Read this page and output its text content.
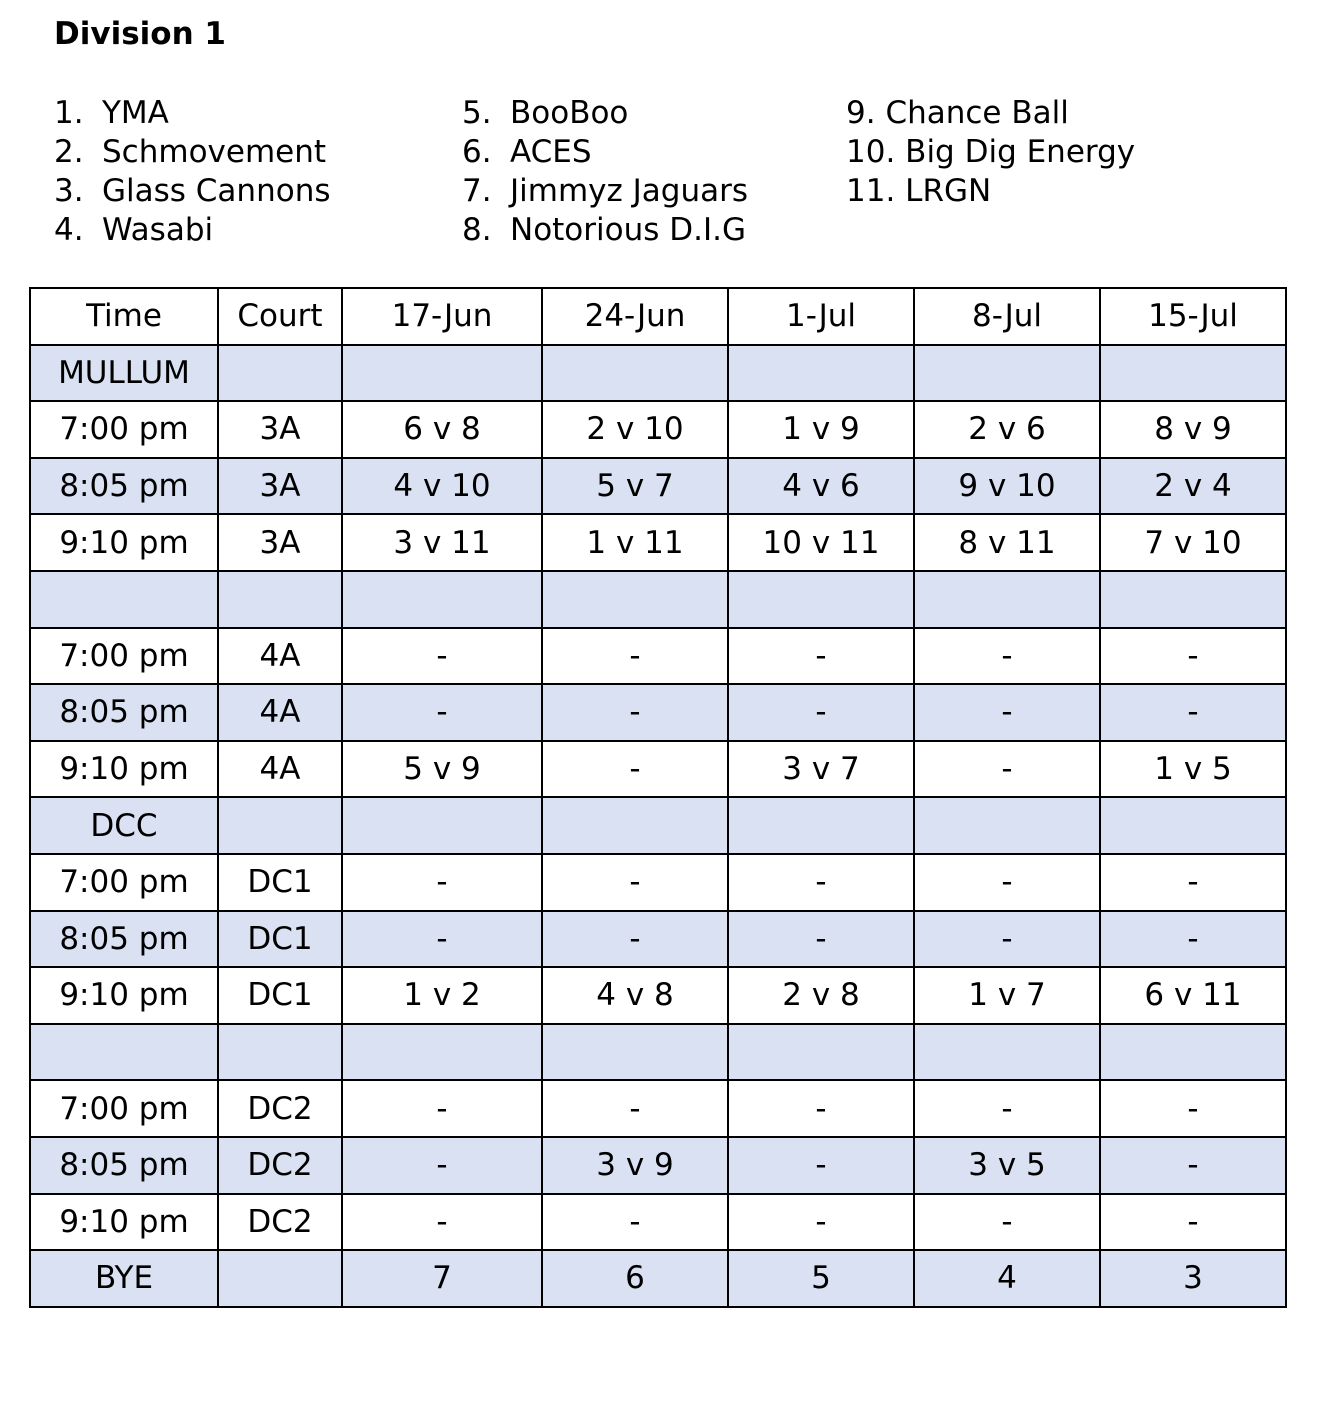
Division 1
1. YMA
2. Schmovement
3. Glass Cannons
4. Wasabi
5. BooBoo
6. ACES
7. Jimmyz Jaguars
8. Notorious D.I.G
9. Chance Ball
10. Big Dig Energy
11. LRGN
Time	Court	17-Jun	24-Jun	1-Jul	8-Jul	15-Jul
MULLUM						
7:00 pm	3A	6 v 8	2 v 10	1 v 9	2 v 6	8 v 9
8:05 pm	3A	4 v 10	5 v 7	4 v 6	9 v 10	2 v 4
9:10 pm	3A	3 v 11	1 v 11	10 v 11	8 v 11	7 v 10

7:00 pm	4A	-	-	-	-	-
8:05 pm	4A	-	-	-	-	-
9:10 pm	4A	5 v 9	-	3 v 7	-	1 v 5
DCC						
7:00 pm	DC1	-	-	-	-	-
8:05 pm	DC1	-	-	-	-	-
9:10 pm	DC1	1 v 2	4 v 8	2 v 8	1 v 7	6 v 11

7:00 pm	DC2	-	-	-	-	-
8:05 pm	DC2	-	3 v 9	-	3 v 5	-
9:10 pm	DC2	-	-	-	-	-
BYE		7	6	5	4	3
